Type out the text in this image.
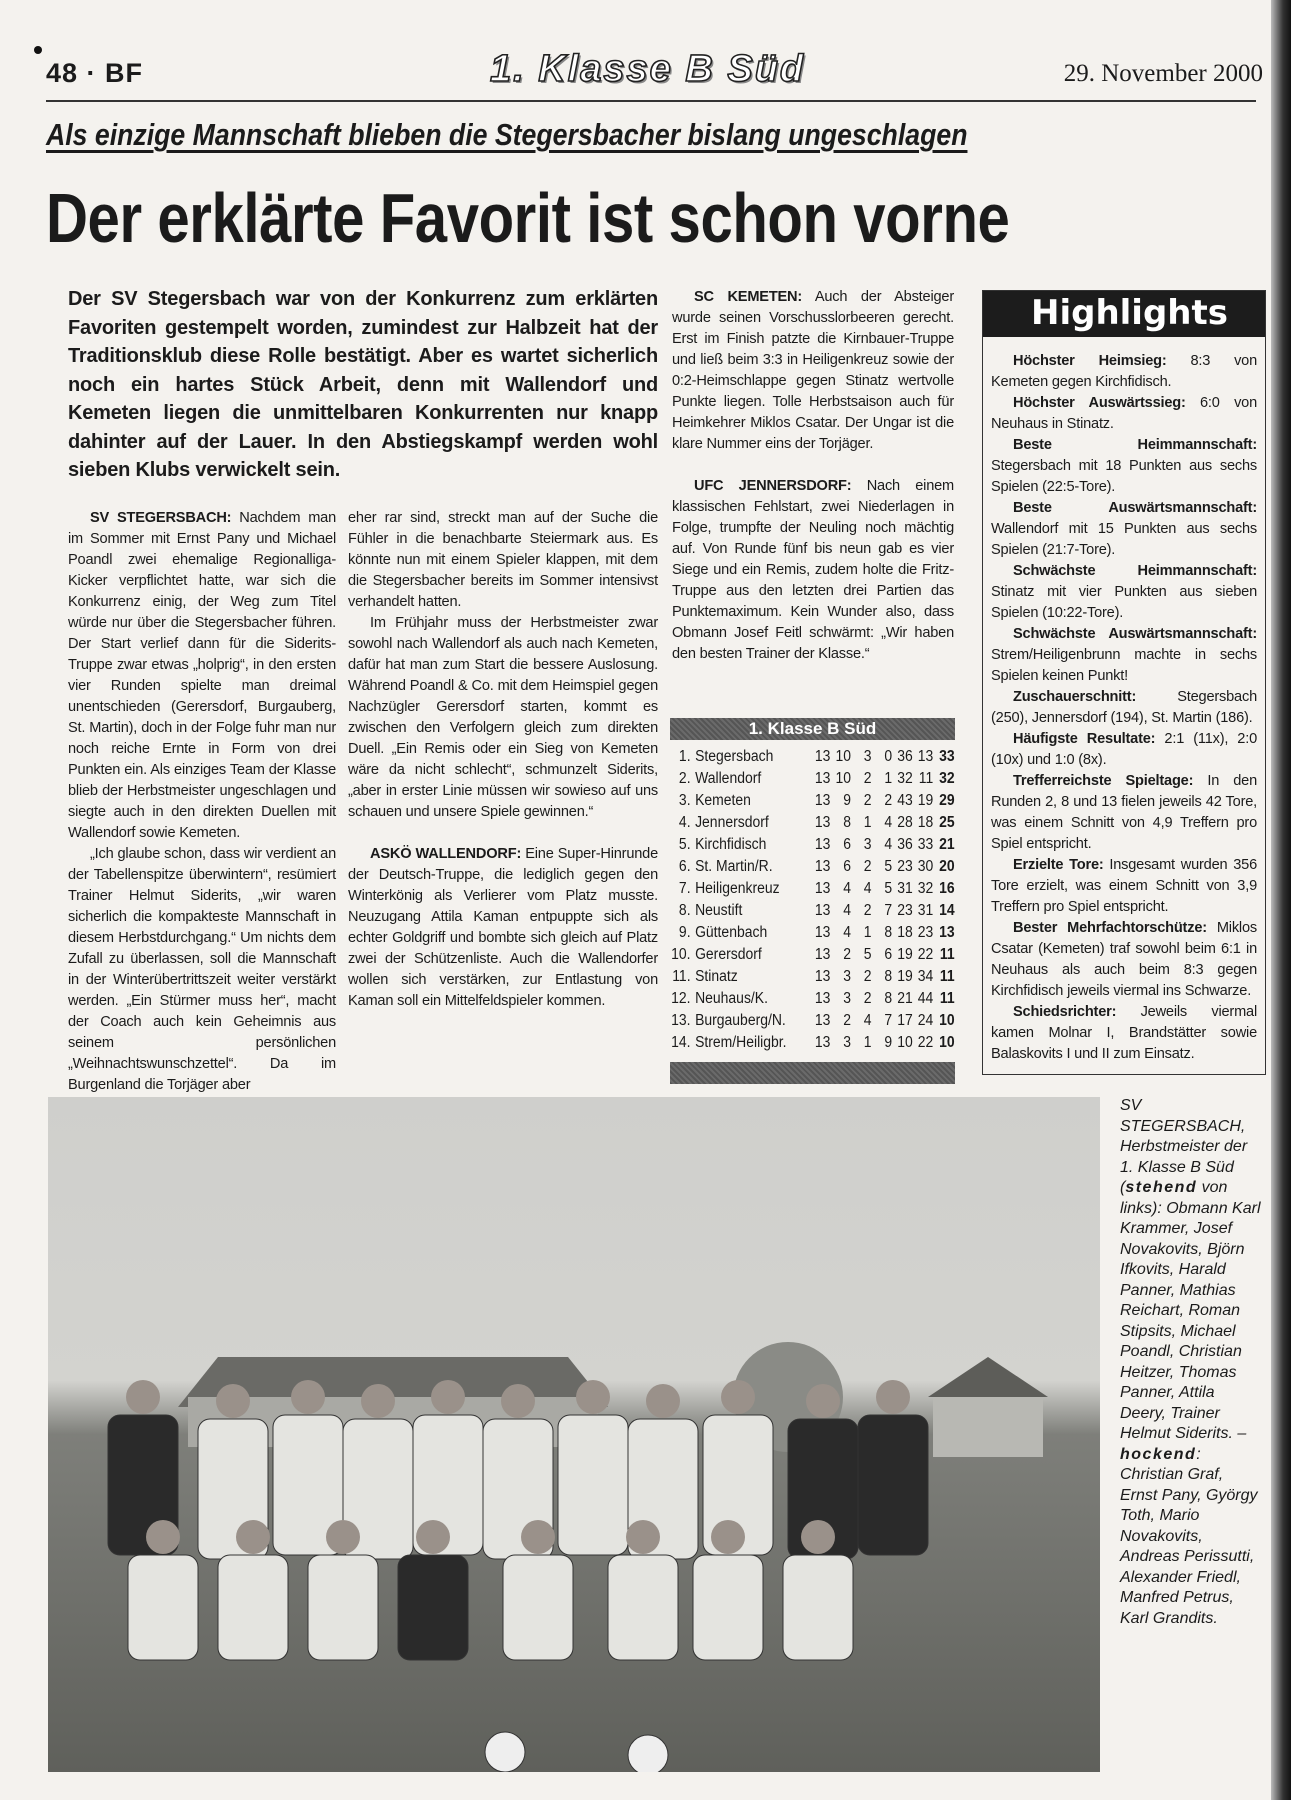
48 · BF	1. Klasse B Süd	29. November 2000
Als einzige Mannschaft blieben die Stegersbacher bislang ungeschlagen
Der erklärte Favorit ist schon vorne
Der SV Stegersbach war von der Konkurrenz zum erklärten Favoriten gestempelt worden, zumindest zur Halbzeit hat der Traditionsklub diese Rolle bestätigt. Aber es wartet sicherlich noch ein hartes Stück Arbeit, denn mit Wallendorf und Kemeten liegen die unmittelbaren Konkurrenten nur knapp dahinter auf der Lauer. In den Abstiegskampf werden wohl sieben Klubs verwickelt sein.

SV STEGERSBACH: Nachdem man im Sommer mit Ernst Pany und Michael Poandl zwei ehemalige Regionalliga-Kicker verpflichtet hatte, war sich die Konkurrenz einig, der Weg zum Titel würde nur über die Stegersbacher führen. Der Start verlief dann für die Siderits-Truppe zwar etwas „holprig“, in den ersten vier Runden spielte man dreimal unentschieden (Gerersdorf, Burgauberg, St. Martin), doch in der Folge fuhr man nur noch reiche Ernte in Form von drei Punkten ein. Als einziges Team der Klasse blieb der Herbstmeister ungeschlagen und siegte auch in den direkten Duellen mit Wallendorf sowie Kemeten.

„Ich glaube schon, dass wir verdient an der Tabellenspitze überwintern“, resümiert Trainer Helmut Siderits, „wir waren sicherlich die kompakteste Mannschaft in diesem Herbstdurchgang.“ Um nichts dem Zufall zu überlassen, soll die Mannschaft in der Winterübertrittszeit weiter verstärkt werden. „Ein Stürmer muss her“, macht der Coach auch kein Geheimnis aus seinem persönlichen „Weihnachtswunschzettel“. Da im Burgenland die Torjäger aber

eher rar sind, streckt man auf der Suche die Fühler in die benachbarte Steiermark aus. Es könnte nun mit einem Spieler klappen, mit dem die Stegersbacher bereits im Sommer intensivst verhandelt hatten.

Im Frühjahr muss der Herbstmeister zwar sowohl nach Wallendorf als auch nach Kemeten, dafür hat man zum Start die bessere Auslosung. Während Poandl & Co. mit dem Heimspiel gegen Nachzügler Gerersdorf starten, kommt es zwischen den Verfolgern gleich zum direkten Duell. „Ein Remis oder ein Sieg von Kemeten wäre da nicht schlecht“, schmunzelt Siderits, „aber in erster Linie müssen wir sowieso auf uns schauen und unsere Spiele gewinnen.“

ASKÖ WALLENDORF: Eine Super-Hinrunde der Deutsch-Truppe, die lediglich gegen den Winterkönig als Verlierer vom Platz musste. Neuzugang Attila Kaman entpuppte sich als echter Goldgriff und bombte sich gleich auf Platz zwei der Schützenliste. Auch die Wallendorfer wollen sich verstärken, zur Entlastung von Kaman soll ein Mittelfeldspieler kommen.

SC KEMETEN: Auch der Absteiger wurde seinen Vorschusslorbeeren gerecht. Erst im Finish patzte die Kirnbauer-Truppe und ließ beim 3:3 in Heiligenkreuz sowie der 0:2-Heimschlappe gegen Stinatz wertvolle Punkte liegen. Tolle Herbstsaison auch für Heimkehrer Miklos Csatar. Der Ungar ist die klare Nummer eins der Torjäger.

UFC JENNERSDORF: Nach einem klassischen Fehlstart, zwei Niederlagen in Folge, trumpfte der Neuling noch mächtig auf. Von Runde fünf bis neun gab es vier Siege und ein Remis, zudem holte die Fritz-Truppe aus den letzten drei Partien das Punktemaximum. Kein Wunder also, dass Obmann Josef Feitl schwärmt: „Wir haben den besten Trainer der Klasse.“

1. Klasse B Süd
1. Stegersbach	13 10 3 0 36 13 33
2. Wallendorf	13 10 2 1 32 11 32
3. Kemeten	13 9 2 2 43 19 29
4. Jennersdorf	13 8 1 4 28 18 25
5. Kirchfidisch	13 6 3 4 36 33 21
6. St. Martin/R.	13 6 2 5 23 30 20
7. Heiligenkreuz	13 4 4 5 31 32 16
8. Neustift	13 4 2 7 23 31 14
9. Güttenbach	13 4 1 8 18 23 13
10. Gerersdorf	13 2 5 6 19 22 11
11. Stinatz	13 3 2 8 19 34 11
12. Neuhaus/K.	13 3 2 8 21 44 11
13. Burgauberg/N.	13 2 4 7 17 24 10
14. Strem/Heiligbr.	13 3 1 9 10 22 10
Highlights

Höchster Heimsieg: 8:3 von Kemeten gegen Kirchfidisch.

Höchster Auswärtssieg: 6:0 von Neuhaus in Stinatz.

Beste Heimmannschaft: Stegersbach mit 18 Punkten aus sechs Spielen (22:5-Tore).

Beste Auswärtsmannschaft: Wallendorf mit 15 Punkten aus sechs Spielen (21:7-Tore).

Schwächste Heimmannschaft: Stinatz mit vier Punkten aus sieben Spielen (10:22-Tore).

Schwächste Auswärtsmannschaft: Strem/Heiligenbrunn machte in sechs Spielen keinen Punkt!

Zuschauerschnitt: Stegersbach (250), Jennersdorf (194), St. Martin (186).

Häufigste Resultate: 2:1 (11x), 2:0 (10x) und 1:0 (8x).

Trefferreichste Spieltage: In den Runden 2, 8 und 13 fielen jeweils 42 Tore, was einem Schnitt von 4,9 Treffern pro Spiel entspricht.

Erzielte Tore: Insgesamt wurden 356 Tore erzielt, was einem Schnitt von 3,9 Treffern pro Spiel entspricht.

Bester Mehrfachtorschütze: Miklos Csatar (Kemeten) traf sowohl beim 6:1 in Neuhaus als auch beim 8:3 gegen Kirchfidisch jeweils viermal ins Schwarze.

Schiedsrichter: Jeweils viermal kamen Molnar I, Brandstätter sowie Balaskovits I und II zum Einsatz.

SV STEGERSBACH, Herbstmeister der 1. Klasse B Süd (stehend von links): Obmann Karl Krammer, Josef Novakovits, Björn Ifkovits, Harald Panner, Mathias Reichart, Roman Stipsits, Michael Poandl, Christian Heitzer, Thomas Panner, Attila Deery, Trainer Helmut Siderits. – hockend: Christian Graf, Ernst Pany, György Toth, Mario Novakovits, Andreas Perissutti, Alexander Friedl, Manfred Petrus, Karl Grandits.
